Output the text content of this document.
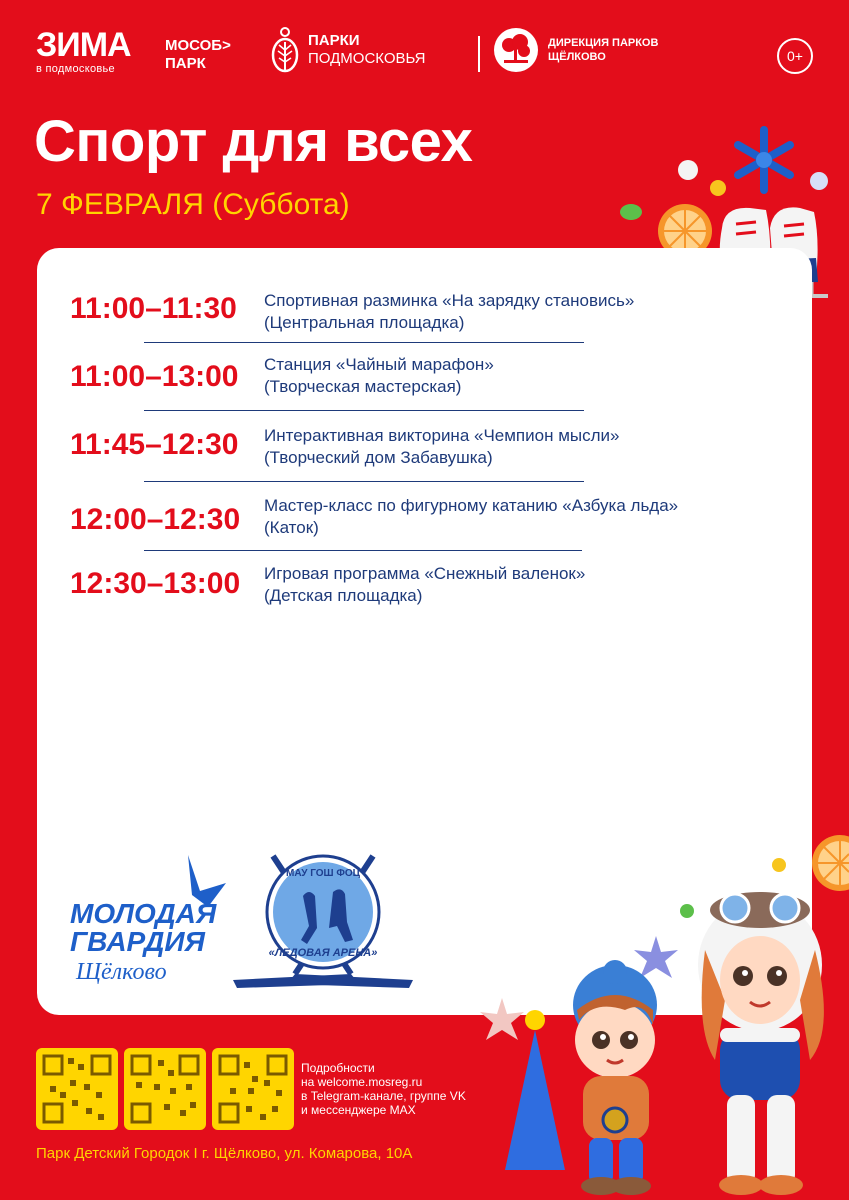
ЗИМА
в подмосковье
МОСОБ>
ПАРК
ПАРКИ
ПОДМОСКОВЬЯ
ДИРЕКЦИЯ ПАРКОВ
ЩЁЛКОВО	0+
Спорт для всех

7 ФЕВРАЛЯ (Суббота)

11:00–11:30 Спортивная разминка «На зарядку становись»
(Центральная площадка)
11:00–13:00 Станция «Чайный марафон»
(Творческая мастерская)
11:45–12:30 Интерактивная викторина «Чемпион мысли»
(Творческий дом Забавушка)
12:00–12:30 Мастер-класс по фигурному катанию «Азбука льда»
(Каток)
12:30–13:00 Игровая программа «Снежный валенок»
(Детская площадка)
МОЛОДАЯ
ГВАРДИЯ
Щёлково
МАУ ГОШ ФОЦ
«ЛЕДОВАЯ АРЕНА»
Подробности
на welcome.mosreg.ru
в Telegram-канале, группе VK
и мессенджере MAX
Парк Детский Городок I г. Щёлково, ул. Комарова, 10А
